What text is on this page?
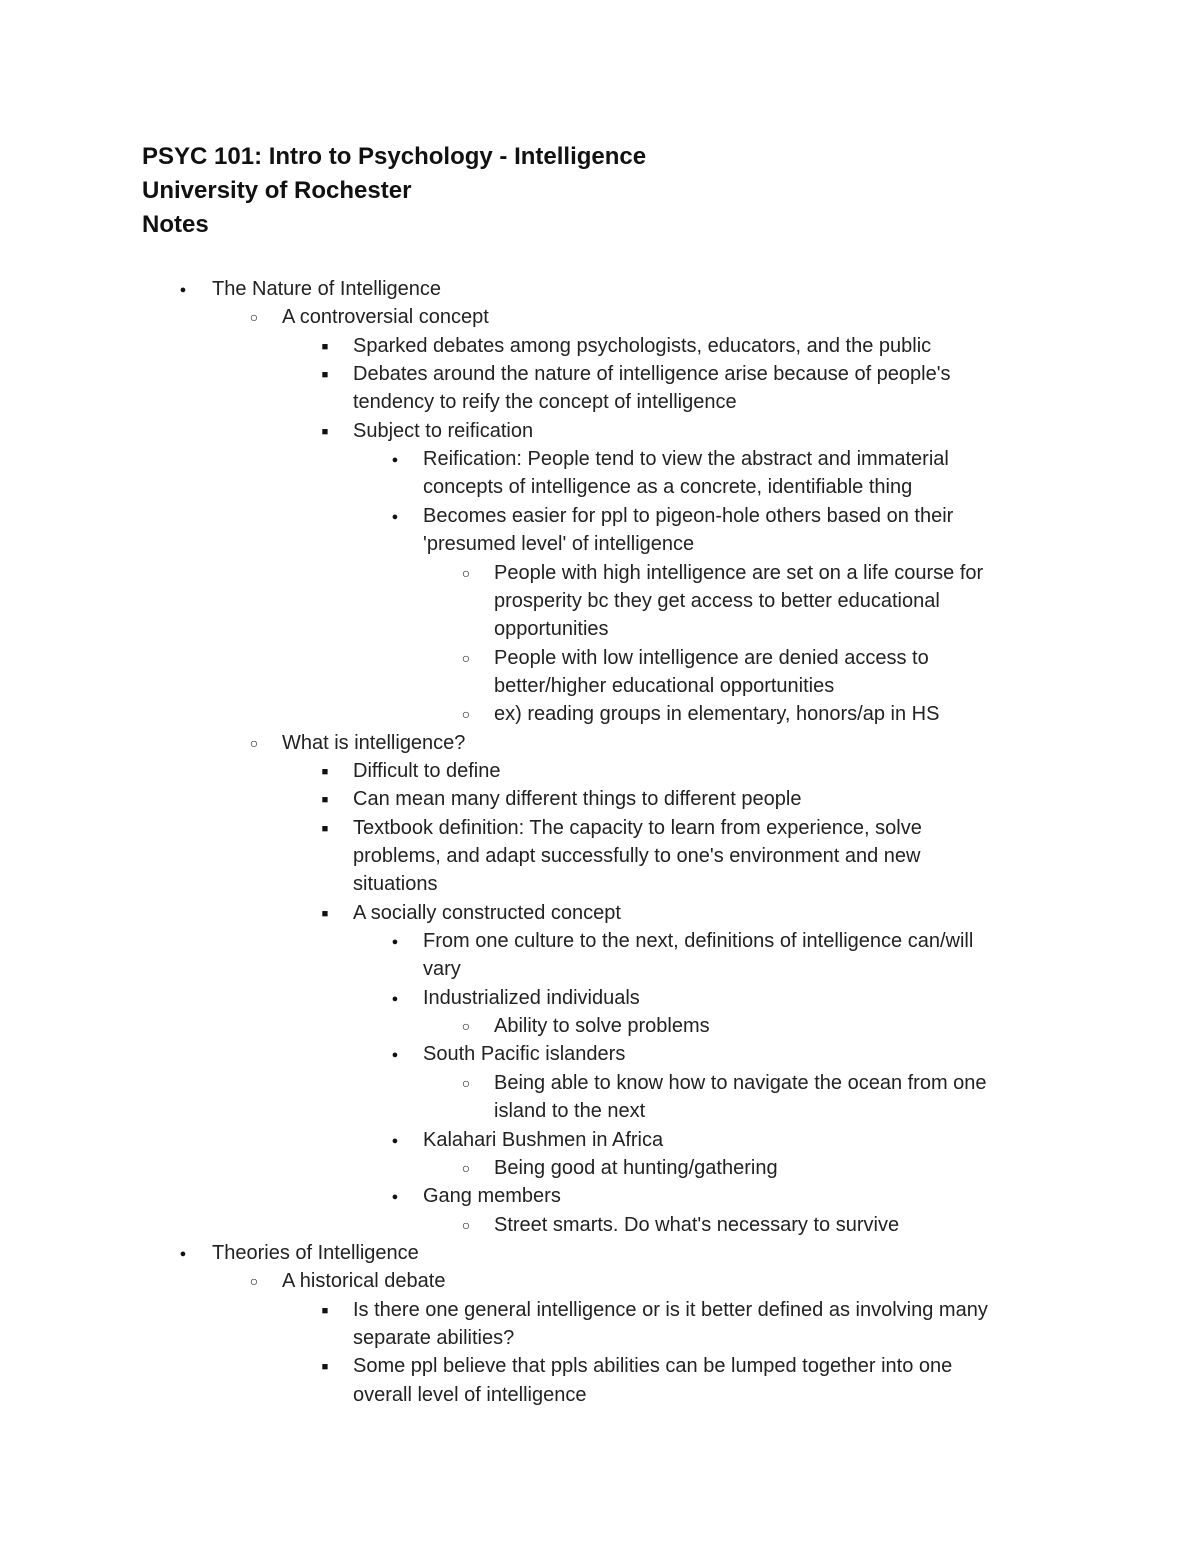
PSYC 101: Intro to Psychology - Intelligence
University of Rochester
Notes
●
The Nature of Intelligence
○
A controversial concept
■
Sparked debates among psychologists, educators, and the public
■
Debates around the nature of intelligence arise because of people's
tendency to reify the concept of intelligence
■
Subject to reification
●
Reification: People tend to view the abstract and immaterial
concepts of intelligence as a concrete, identifiable thing
●
Becomes easier for ppl to pigeon-hole others based on their
'presumed level' of intelligence
○
People with high intelligence are set on a life course for
prosperity bc they get access to better educational
opportunities
○
People with low intelligence are denied access to
better/higher educational opportunities
○
ex) reading groups in elementary, honors/ap in HS
○
What is intelligence?
■
Difficult to define
■
Can mean many different things to different people
■
Textbook definition: The capacity to learn from experience, solve
problems, and adapt successfully to one's environment and new
situations
■
A socially constructed concept
●
From one culture to the next, definitions of intelligence can/will
vary
●
Industrialized individuals
○
Ability to solve problems
●
South Pacific islanders
○
Being able to know how to navigate the ocean from one
island to the next
●
Kalahari Bushmen in Africa
○
Being good at hunting/gathering
●
Gang members
○
Street smarts. Do what's necessary to survive
●
Theories of Intelligence
○
A historical debate
■
Is there one general intelligence or is it better defined as involving many
separate abilities?
■
Some ppl believe that ppls abilities can be lumped together into one
overall level of intelligence
